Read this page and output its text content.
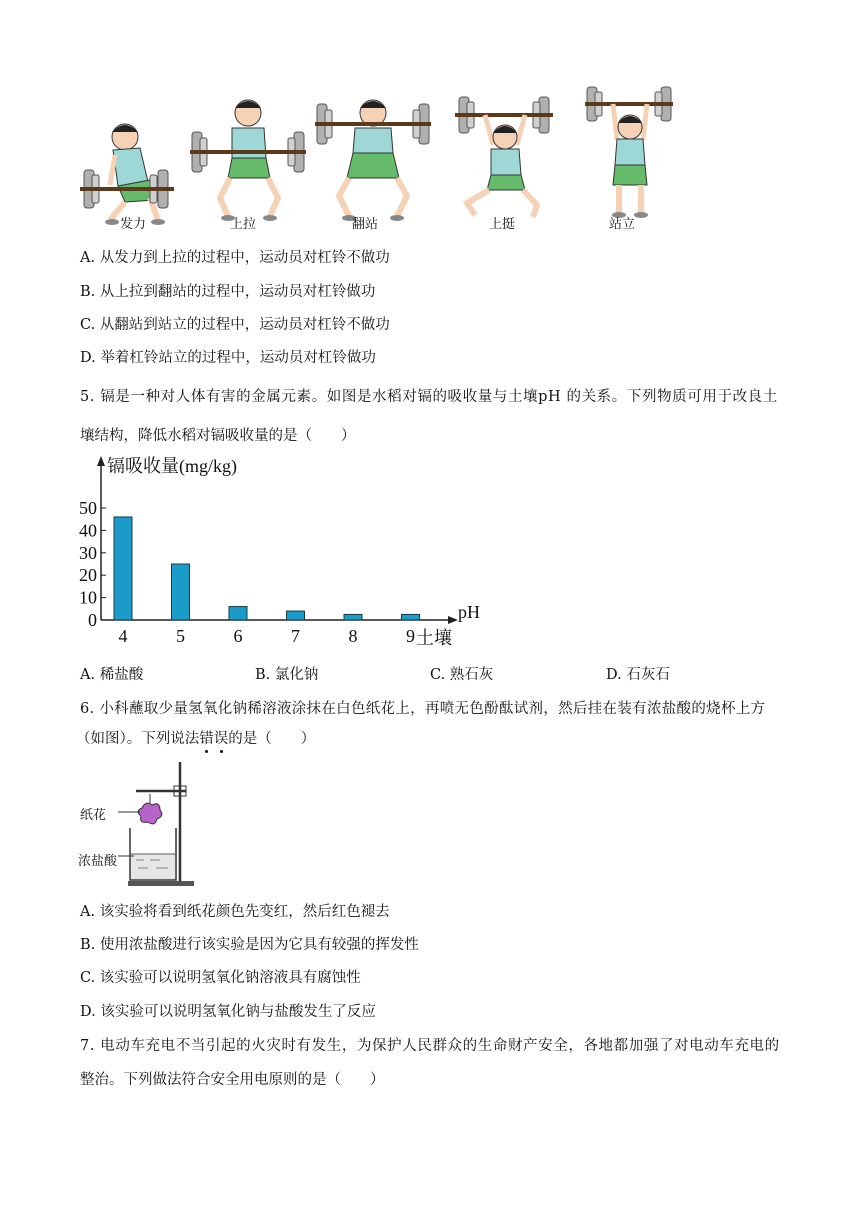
发力	上拉	翻站	上挺	站立
A. 从发力到上拉的过程中，运动员对杠铃不做功
B. 从上拉到翻站的过程中，运动员对杠铃做功
C. 从翻站到站立的过程中，运动员对杠铃不做功
D. 举着杠铃站立的过程中，运动员对杠铃做功
5. 镉是一种对人体有害的金属元素。如图是水稻对镉的吸收量与土壤pH 的关系。下列物质可用于改良土
壤结构，降低水稻对镉吸收量的是（　　）
0
10
20
30
40
50
4	5	6	7	8	9
镉吸收量(mg/kg)
pH
土壤
A. 稀盐酸	B. 氯化钠	C. 熟石灰	D. 石灰石
6. 小科蘸取少量氢氧化钠稀溶液涂抹在白色纸花上，再喷无色酚酞试剂，然后挂在装有浓盐酸的烧杯上方
（如图）。下列说法错误
的是（　　）
纸花
浓盐酸
A. 该实验将看到纸花颜色先变红，然后红色褪去
B. 使用浓盐酸进行该实验是因为它具有较强的挥发性
C. 该实验可以说明氢氧化钠溶液具有腐蚀性
D. 该实验可以说明氢氧化钠与盐酸发生了反应
7. 电动车充电不当引起的火灾时有发生，为保护人民群众的生命财产安全，各地都加强了对电动车充电的
整治。下列做法符合安全用电原则的是（　　）
